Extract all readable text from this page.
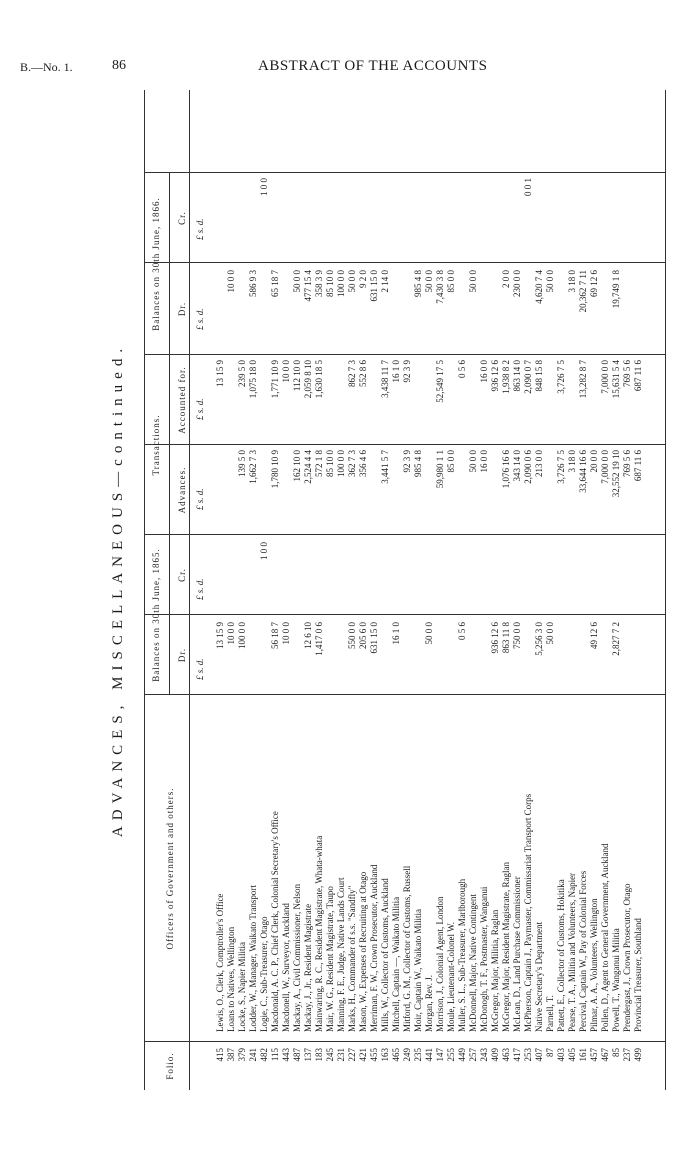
B.—No. 1.	86	ABSTRACT OF THE ACCOUNTS
ADVANCES, MISCELLANEOUS—continued.
Folio.
Officers of Government and others.
Balances on 30th June, 1865. Dr.
Cr.
Transactions.
Advances.
Accounted for.
Balances on 30th June, 1866. Dr.
Cr.
£ s. d.
£ s. d.
£ s. d.
£ s. d.
£ s. d.
£ s. d.
415
Lewis, O., Clerk, Comptroller's Office
13 15 9
13 15 9
387
Loans to Natives, Wellington
10 0 0
10 0 0
379
Locke, S., Napier Militia
100 0 0
139 5 0
239 5 0
241
Lodder, W., Manager, Waikato Transport
1,662 7 3
1,075 18 0
586 9 3
482
Logie, C., Sub-Treasurer, Otago
1 0 0
1 0 0
115
Macdonald, A. C. P., Chief Clerk, Colonial Secretary's Office
56 18 7
1,780 10 9
1,771 10 9
65 18 7
443
Macdonell, W., Surveyor, Auckland
10 0 0
10 0 0
487
Mackay, A., Civil Commissioner, Nelson
162 10 0
112 10 0
50 0 0
137
Mackay, J., Jr., Resident Magistrate
12 6 10
2,524 4 4
2,059 8 10
477 15 4
183
Mainwaring, R. C., Resident Magistrate, Whata-whata
1,417 0 6
572 1 8
1,630 18 5
358 3 9
245
Mair, W. G., Resident Magistrate, Taupo
85 10 0
85 10 0
231
Manning, F. E., Judge, Native Lands Court
100 0 0
100 0 0
227
Marks, H., Commander of s.s. "Sandfly"
550 0 0
362 7 3
862 7 3
50 0 0
421
Mason, W., Expenses of Recruiting at Otago
205 6 0
356 4 6
552 8 6
9 2 0
455
Merriman, F. W., Crown Prosecutor, Auckland
631 15 0
631 15 0
163
Mills, W., Collector of Customs, Auckland
3,441 5 7
3,438 11 7
2 14 0
465
Mitchell, Captain —, Waikato Militia
16 1 0
16 1 0
249
Mitford, G. M., Collector of Customs, Russell
92 3 9
92 3 9
235
Moir, Captain W., Waikato Militia
985 4 8
985 4 8
441
Morgan, Rev. J.
50 0 0
50 0 0
147
Morrison, J., Colonial Agent, London
59,980 1 1
52,549 17 5
7,430 3 8
255
Moule, Lieutenant-Colonel W.
85 0 0
85 0 0
449
Muller, S. L., Sub-Treasurer, Marlborough
0 5 6
0 5 6
257
McDonnell, Major, Native Contingent
50 0 0
50 0 0
243
McDonogh, T. F., Postmaster, Wanganui
16 0 0
16 0 0
409
McGregor, Major, Militia, Raglan
936 12 6
936 12 6
463
McGregor, Major, Resident Magistrate, Raglan
863 11 8
1,076 16 6
1,938 8 2
2 0 0
417
McLean, D., Land Purchase Commissioner
750 0 0
343 14 0
863 14 0
230 0 0
253
McPherson, Captain J., Paymaster, Commissariat Transport Corps
2,090 0 6
2,090 0 7
0 0 1
407
Native Secretary's Department
5,256 3 0
213 0 0
848 15 8
4,620 7 4
87
Parnell, T.
50 0 0
50 0 0
403
Pattett, E., Collector of Customs, Hokitika
3,726 7 5
3,726 7 5
405
Pearse, T. A., Militia and Volunteers, Napier
3 18 0
3 18 0
161
Percival, Captain W., Pay of Colonial Forces
33,644 16 6
13,282 8 7
20,362 7 11
457
Pilmar, A. A., Volunteers, Wellington
49 12 6
20 0 0
69 12 6
467
Pollen, D., Agent to General Government, Auckland
7,000 0 0
7,000 0 0
85
Powell, T., Wanganui Militia
2,827 7 2
32,552 19 10
15,631 5 4
19,749 1 8
237
Prendergast, J., Crown Prosecutor, Otago
769 5 6
769 5 6
499
Provincial Treasurer, Southland
687 11 6
687 11 6
